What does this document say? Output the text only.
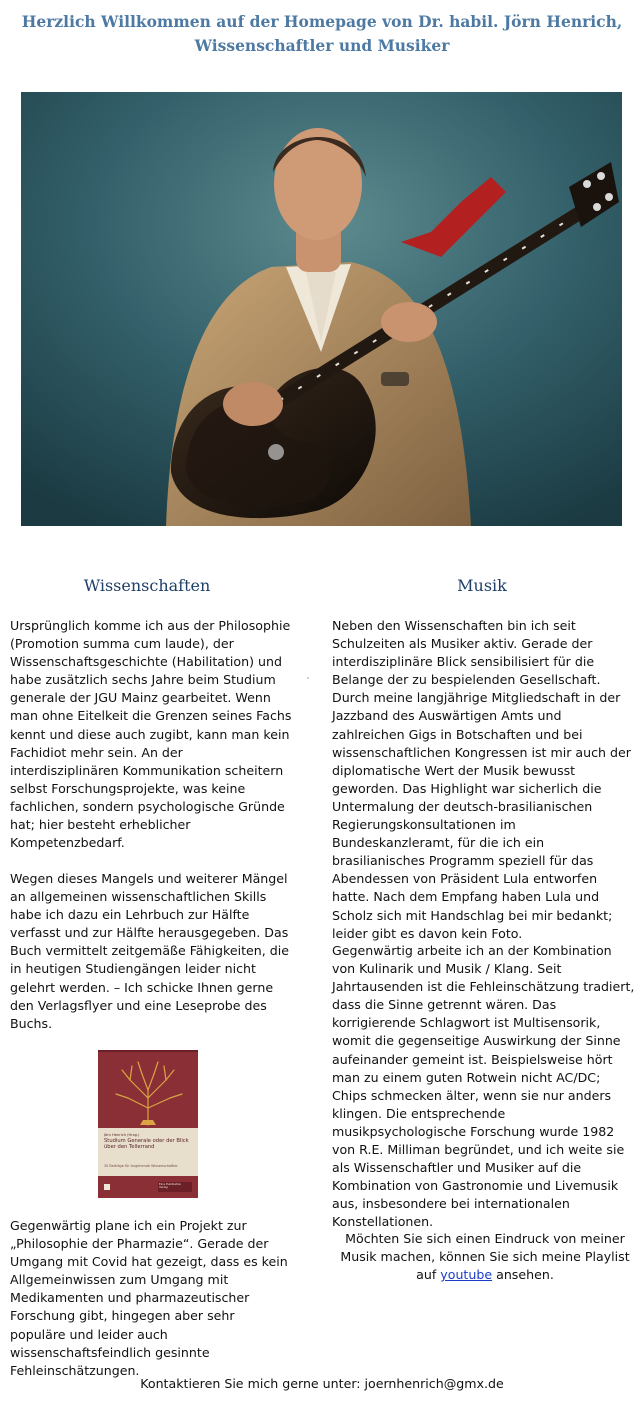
Herzlich Willkommen auf der Homepage von Dr. habil. Jörn Henrich,
Wissenschaftler und Musiker
Wissenschaften	Musik

Ursprünglich komme ich aus der Philosophie (Promotion summa cum laude), der Wissenschaftsgeschichte (Habilitation) und habe zusätzlich sechs Jahre beim Studium generale der JGU Mainz gearbeitet. Wenn man ohne Eitelkeit die Grenzen seines Fachs kennt und diese auch zugibt, kann man kein Fachidiot mehr sein. An der interdisziplinären Kommunikation scheitern selbst Forschungsprojekte, was keine fachlichen, sondern psychologische Gründe hat; hier besteht erheblicher Kompetenzbedarf.

Wegen dieses Mangels und weiterer Mängel an allgemeinen wissenschaftlichen Skills habe ich dazu ein Lehrbuch zur Hälfte verfasst und zur Hälfte herausgegeben. Das Buch vermittelt zeitgemäße Fähigkeiten, die in heutigen Studiengängen leider nicht gelehrt werden. – Ich schicke Ihnen gerne den Verlagsflyer und eine Leseprobe des Buchs.

Gegenwärtig plane ich ein Projekt zur „Philosophie der Pharmazie“. Gerade der Umgang mit Covid hat gezeigt, dass es kein Allgemeinwissen zum Umgang mit Medikamenten und pharmazeutischer Forschung gibt, hingegen aber sehr populäre und leider auch wissenschaftsfeindlich gesinnte Fehleinschätzungen.

Jörn Henrich (Hrsg.)
Studium Generale oder der Blick über den Tellerrand
30 Beiträge für Angehende Wissenschaftler
Eine Publikation Verlag

Neben den Wissenschaften bin ich seit Schulzeiten als Musiker aktiv. Gerade der interdisziplinäre Blick sensibilisiert für die Belange der zu bespielenden Gesellschaft. Durch meine langjährige Mitgliedschaft in der Jazzband des Auswärtigen Amts und zahlreichen Gigs in Botschaften und bei wissenschaftlichen Kongressen ist mir auch der diplomatische Wert der Musik bewusst geworden. Das Highlight war sicherlich die Untermalung der deutsch-brasilianischen Regierungskonsultationen im Bundeskanzleramt, für die ich ein brasilianisches Programm speziell für das Abendessen von Präsident Lula entworfen hatte. Nach dem Empfang haben Lula und Scholz sich mit Handschlag bei mir bedankt; leider gibt es davon kein Foto.

Gegenwärtig arbeite ich an der Kombination von Kulinarik und Musik / Klang. Seit Jahrtausenden ist die Fehleinschätzung tradiert, dass die Sinne getrennt wären. Das korrigierende Schlagwort ist Multisensorik, womit die gegenseitige Auswirkung der Sinne aufeinander gemeint ist. Beispielsweise hört man zu einem guten Rotwein nicht AC/DC; Chips schmecken älter, wenn sie nur anders klingen. Die entsprechende musikpsychologische Forschung wurde 1982 von R.E. Milliman begründet, und ich weite sie als Wissenschaftler und Musiker auf die Kombination von Gastronomie und Livemusik aus, insbesondere bei internationalen Konstellationen.

Möchten Sie sich einen Eindruck von meiner Musik machen, können Sie sich meine Playlist auf youtube ansehen.

Kontaktieren Sie mich gerne unter: joernhenrich@gmx.de
